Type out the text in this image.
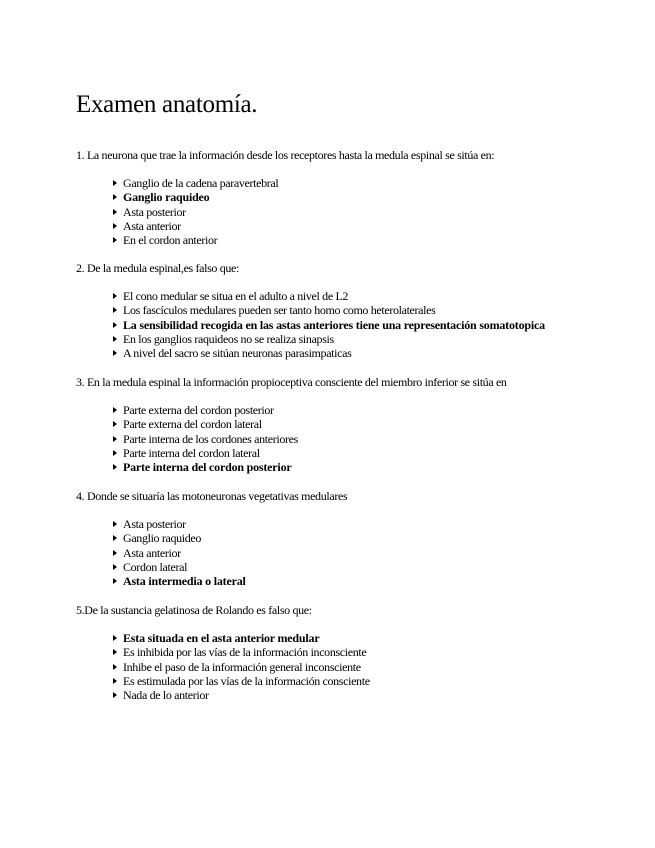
Examen anatomía.

1. La neurona que trae la información desde los receptores hasta la medula espinal se sitúa en:

Ganglio de la cadena paravertebral
Ganglio raquideo
Asta posterior
Asta anterior
En el cordon anterior

2. De la medula espinal,es falso que:

El cono medular se situa en el adulto a nivel de L2
Los fascículos medulares pueden ser tanto homo como heterolaterales
La sensibilidad recogida en las astas anteriores tiene una representación somatotopica
En los ganglios raquideos no se realiza sinapsis
A nivel del sacro se sitúan neuronas parasimpaticas

3. En la medula espinal la información propioceptiva consciente del miembro inferior se sitúa en

Parte externa del cordon posterior
Parte externa del cordon lateral
Parte interna de los cordones anteriores
Parte interna del cordon lateral
Parte interna del cordon posterior

4. Donde se situaría las motoneuronas vegetativas medulares

Asta posterior
Ganglio raquideo
Asta anterior
Cordon lateral
Asta intermedia o lateral

5.De la sustancia gelatinosa de Rolando es falso que:

Esta situada en el asta anterior medular
Es inhibida por las vías de la información inconsciente
Inhibe el paso de la información general inconsciente
Es estimulada por las vías de la información consciente
Nada de lo anterior
